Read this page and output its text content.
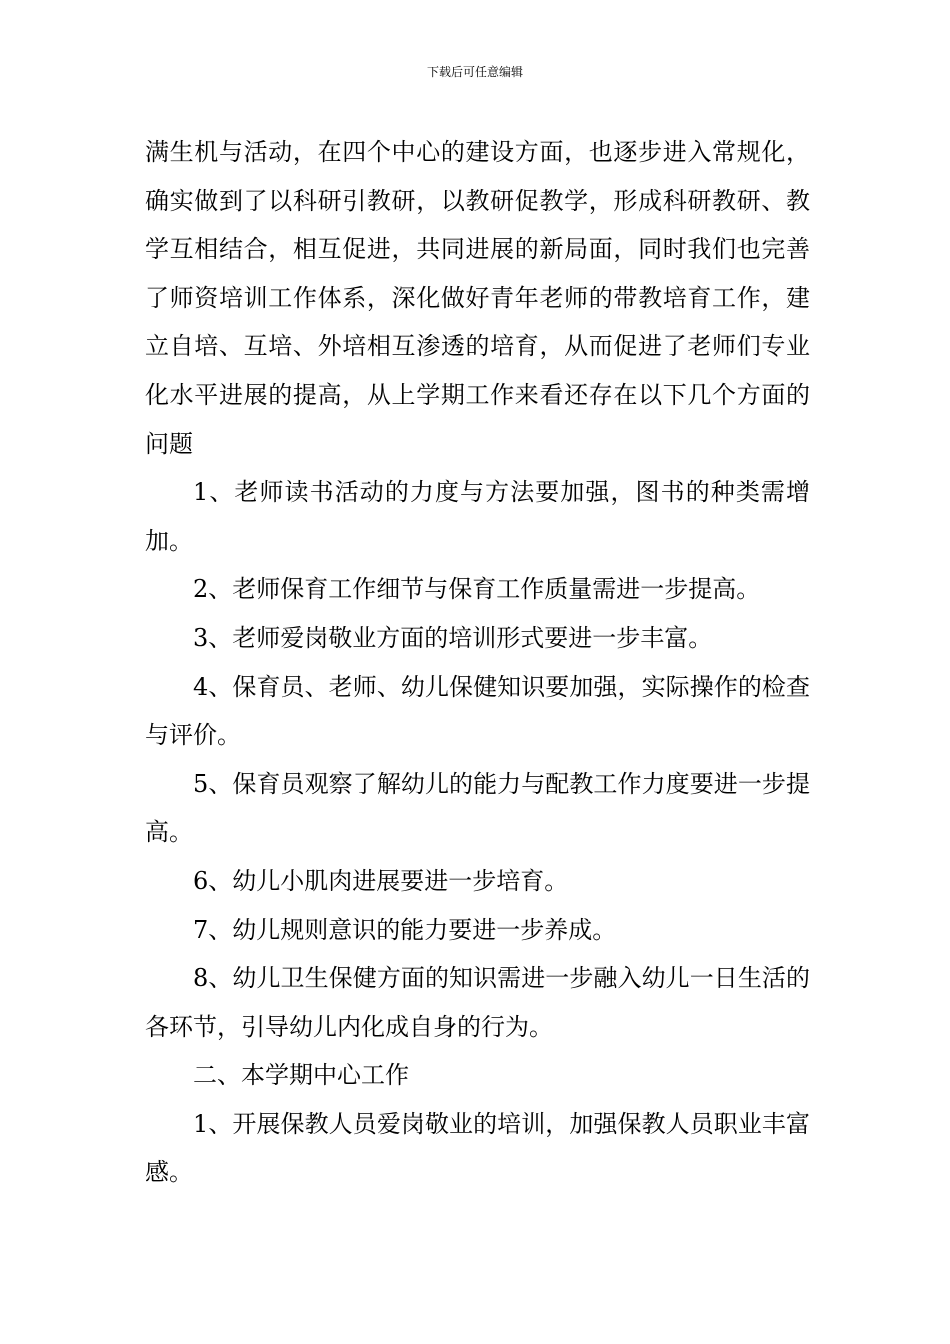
下载后可任意编辑

满生机与活动，在四个中心的建设方面，也逐步进入常规化，确实做到了以科研引教研，以教研促教学，形成科研教研、教学互相结合，相互促进，共同进展的新局面，同时我们也完善了师资培训工作体系，深化做好青年老师的带教培育工作，建立自培、互培、外培相互渗透的培育，从而促进了老师们专业化水平进展的提高，从上学期工作来看还存在以下几个方面的问题

1、老师读书活动的力度与方法要加强，图书的种类需增加。

2、老师保育工作细节与保育工作质量需进一步提高。

3、老师爱岗敬业方面的培训形式要进一步丰富。

4、保育员、老师、幼儿保健知识要加强，实际操作的检查与评价。

5、保育员观察了解幼儿的能力与配教工作力度要进一步提高。

6、幼儿小肌肉进展要进一步培育。

7、幼儿规则意识的能力要进一步养成。

8、幼儿卫生保健方面的知识需进一步融入幼儿一日生活的各环节，引导幼儿内化成自身的行为。

二、本学期中心工作

1、开展保教人员爱岗敬业的培训，加强保教人员职业丰富感。
